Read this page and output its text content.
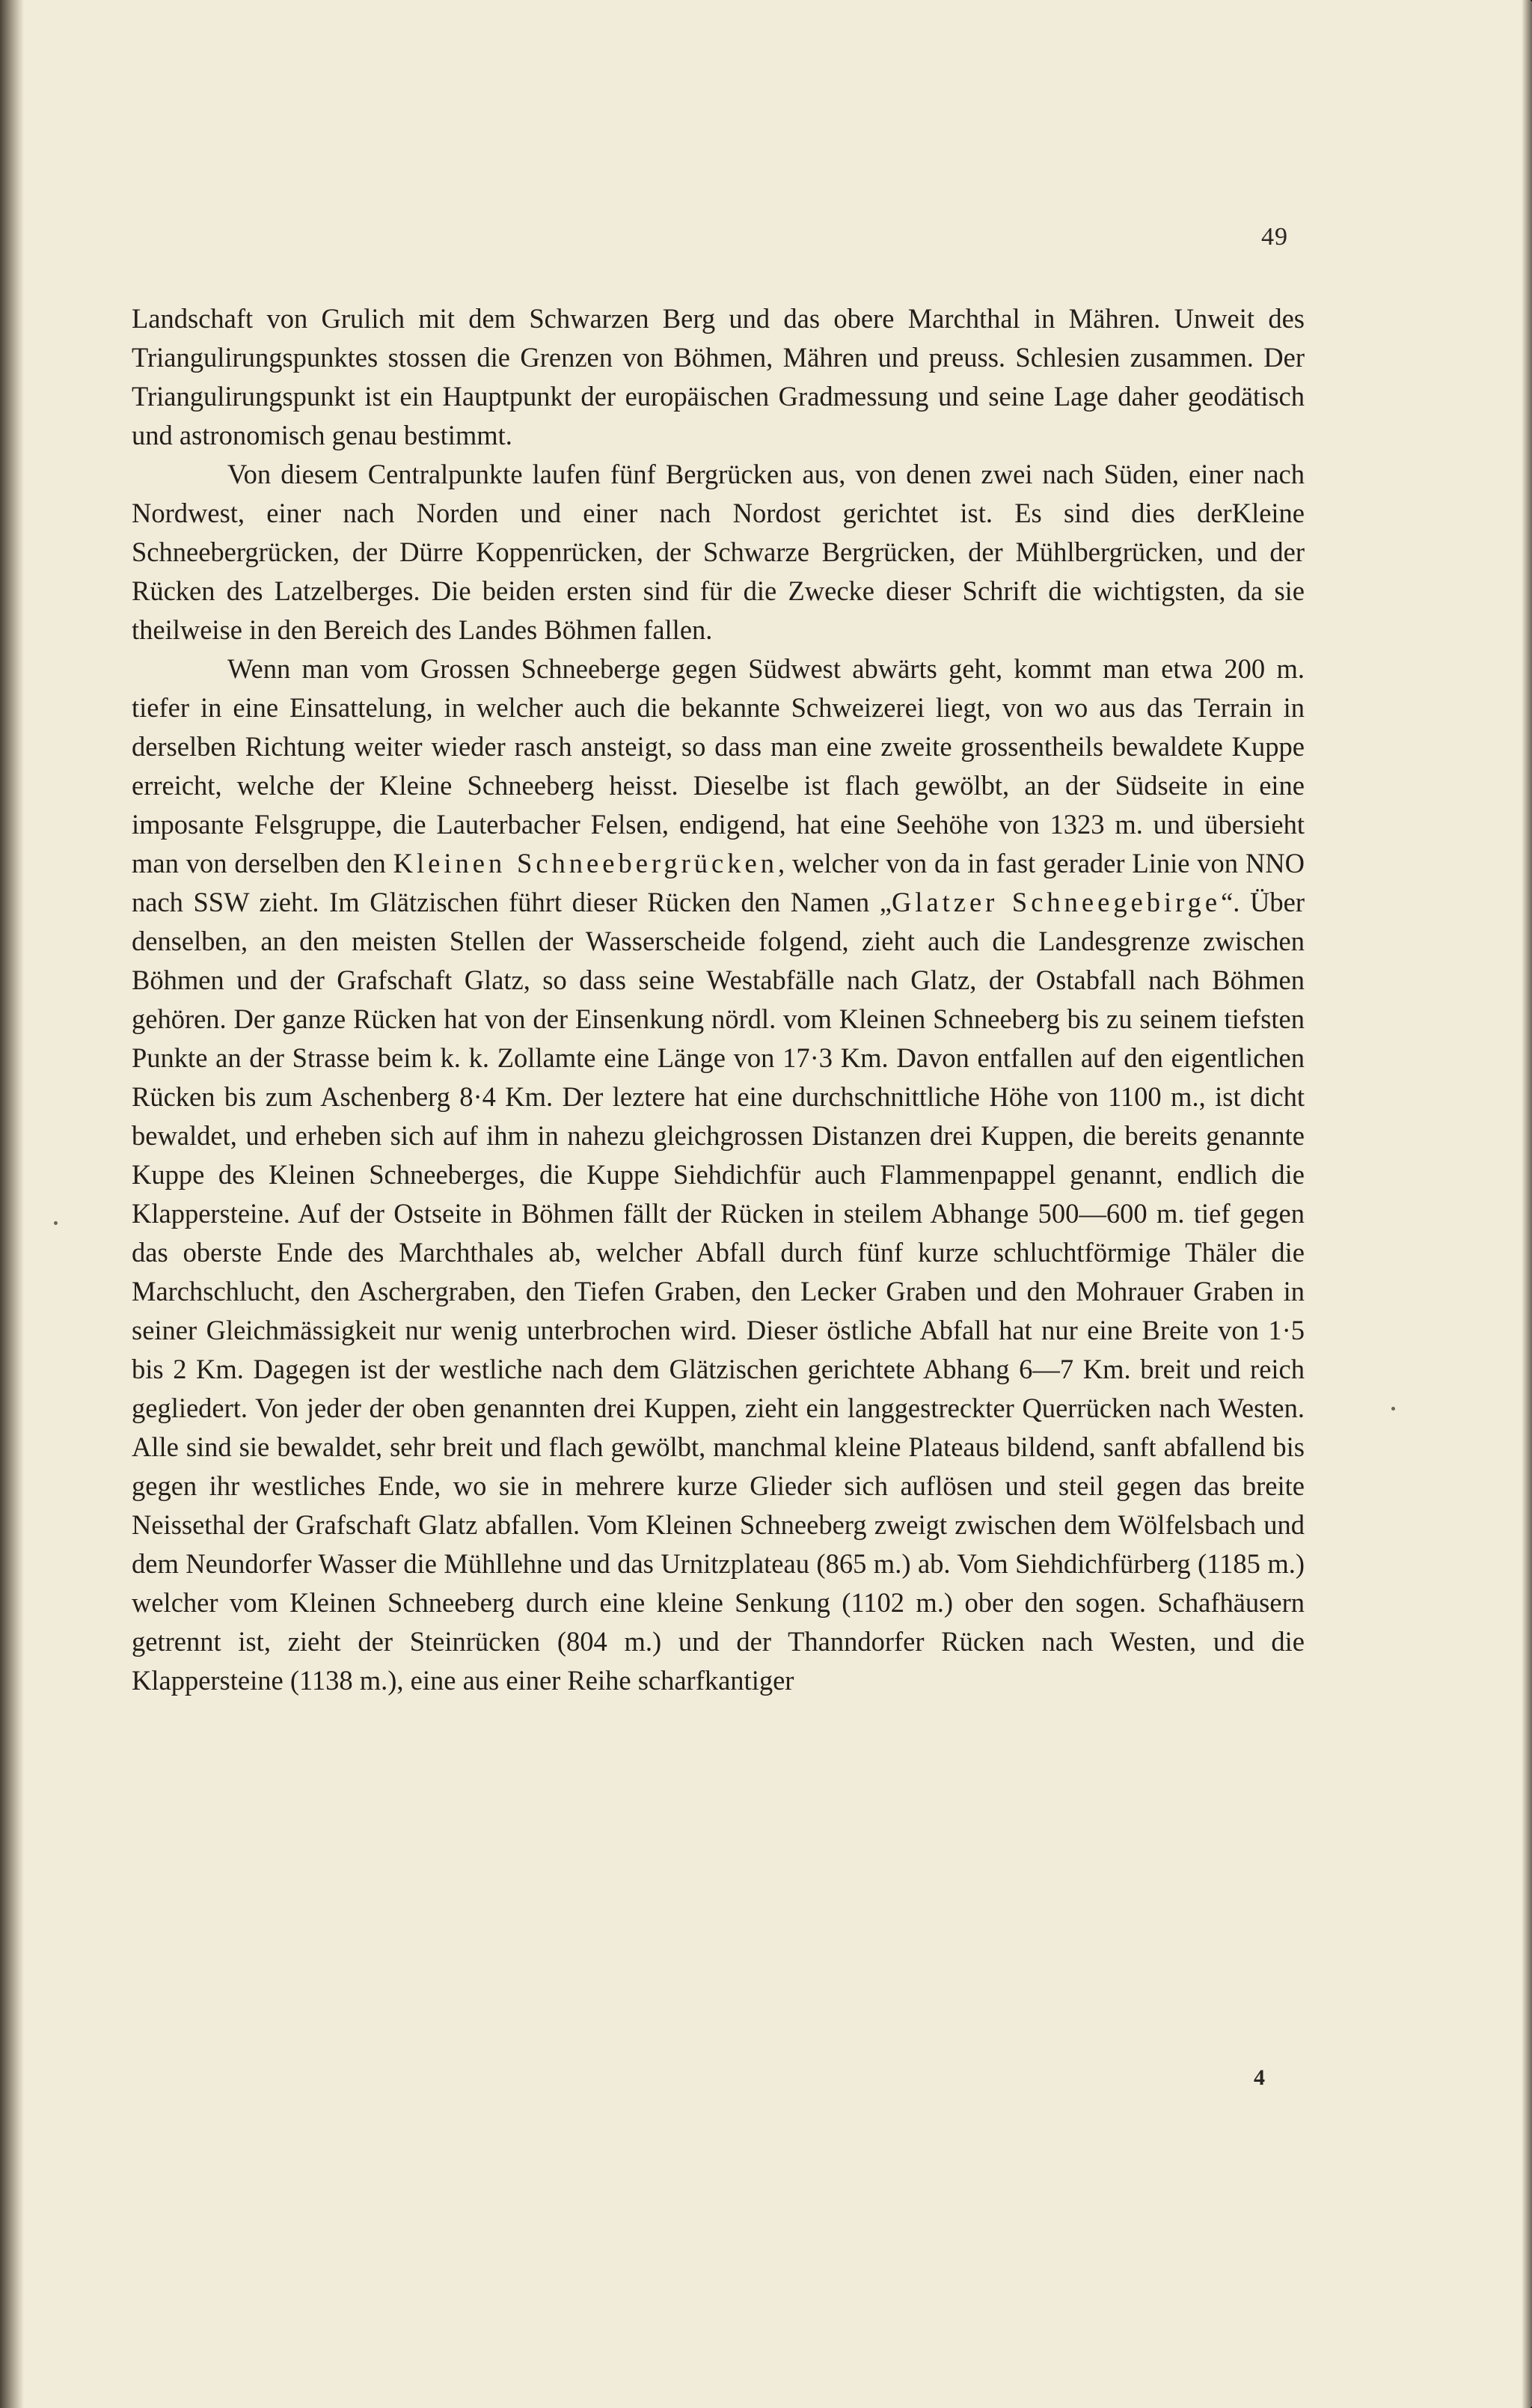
49

Landschaft von Grulich mit dem Schwarzen Berg und das obere Marchthal in Mähren. Unweit des Triangulirungspunktes stossen die Grenzen von Böhmen, Mähren und preuss. Schlesien zusammen. Der Triangulirungspunkt ist ein Hauptpunkt der europäischen Gradmessung und seine Lage daher geodätisch und astronomisch genau bestimmt.

Von diesem Centralpunkte laufen fünf Bergrücken aus, von denen zwei nach Süden, einer nach Nordwest, einer nach Norden und einer nach Nordost gerichtet ist. Es sind dies derKleine Schneebergrücken, der Dürre Koppenrücken, der Schwarze Bergrücken, der Mühlbergrücken, und der Rücken des Latzelberges. Die beiden ersten sind für die Zwecke dieser Schrift die wichtigsten, da sie theilweise in den Bereich des Landes Böhmen fallen.

Wenn man vom Grossen Schneeberge gegen Südwest abwärts geht, kommt man etwa 200 m. tiefer in eine Einsattelung, in welcher auch die bekannte Schweizerei liegt, von wo aus das Terrain in derselben Richtung weiter wieder rasch ansteigt, so dass man eine zweite grossentheils bewaldete Kuppe erreicht, welche der Kleine Schneeberg heisst. Dieselbe ist flach gewölbt, an der Südseite in eine imposante Felsgruppe, die Lauterbacher Felsen, endigend, hat eine Seehöhe von 1323 m. und übersieht man von derselben den Kleinen Schneebergrücken, welcher von da in fast gerader Linie von NNO nach SSW zieht. Im Glätzischen führt dieser Rücken den Namen „Glatzer Schneegebirge“. Über denselben, an den meisten Stellen der Wasserscheide folgend, zieht auch die Landesgrenze zwischen Böhmen und der Grafschaft Glatz, so dass seine Westabfälle nach Glatz, der Ostabfall nach Böhmen gehören. Der ganze Rücken hat von der Einsenkung nördl. vom Kleinen Schneeberg bis zu seinem tiefsten Punkte an der Strasse beim k. k. Zollamte eine Länge von 17·3 Km. Davon entfallen auf den eigentlichen Rücken bis zum Aschenberg 8·4 Km. Der leztere hat eine durchschnittliche Höhe von 1100 m., ist dicht bewaldet, und erheben sich auf ihm in nahezu gleichgrossen Distanzen drei Kuppen, die bereits genannte Kuppe des Kleinen Schneeberges, die Kuppe Siehdichfür auch Flammenpappel genannt, endlich die Klappersteine. Auf der Ostseite in Böhmen fällt der Rücken in steilem Abhange 500—600 m. tief gegen das oberste Ende des Marchthales ab, welcher Abfall durch fünf kurze schluchtförmige Thäler die Marchschlucht, den Aschergraben, den Tiefen Graben, den Lecker Graben und den Mohrauer Graben in seiner Gleichmässigkeit nur wenig unterbrochen wird. Dieser östliche Abfall hat nur eine Breite von 1·5 bis 2 Km. Dagegen ist der westliche nach dem Glätzischen gerichtete Abhang 6—7 Km. breit und reich gegliedert. Von jeder der oben genannten drei Kuppen, zieht ein langgestreckter Querrücken nach Westen. Alle sind sie bewaldet, sehr breit und flach gewölbt, manchmal kleine Plateaus bildend, sanft abfallend bis gegen ihr westliches Ende, wo sie in mehrere kurze Glieder sich auflösen und steil gegen das breite Neissethal der Grafschaft Glatz abfallen. Vom Kleinen Schneeberg zweigt zwischen dem Wölfelsbach und dem Neundorfer Wasser die Mühllehne und das Urnitzplateau (865 m.) ab. Vom Siehdichfürberg (1185 m.) welcher vom Kleinen Schneeberg durch eine kleine Senkung (1102 m.) ober den sogen. Schafhäusern getrennt ist, zieht der Steinrücken (804 m.) und der Thanndorfer Rücken nach Westen, und die Klappersteine (1138 m.), eine aus einer Reihe scharfkantiger

4
